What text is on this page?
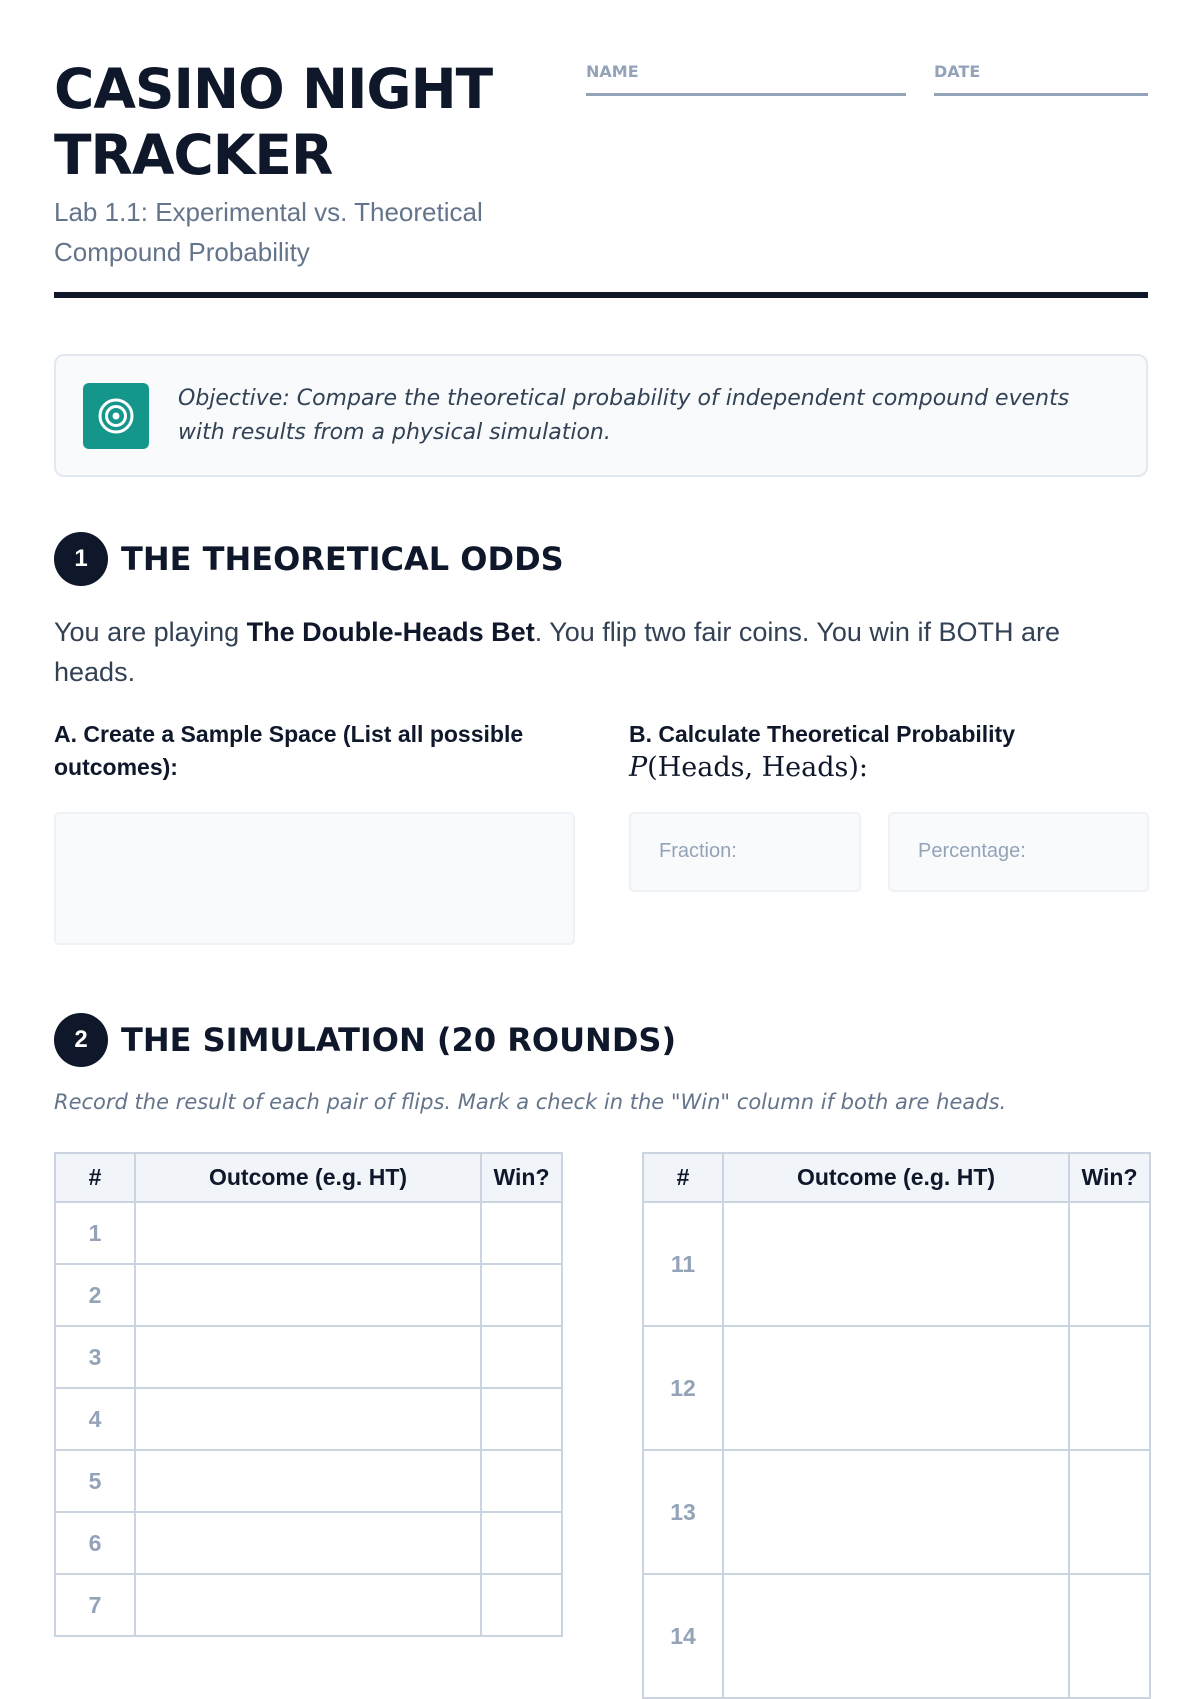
CASINO NIGHT TRACKER
Lab 1.1: Experimental vs. Theoretical Compound Probability
NAME	DATE
Objective: Compare the theoretical probability of independent compound events with results from a physical simulation.
1	THE THEORETICAL ODDS
You are playing The Double-Heads Bet. You flip two fair coins. You win if BOTH are heads.
A. Create a Sample Space (List all possible outcomes):
B. Calculate Theoretical Probability
P(Heads, Heads):
Fraction:	Percentage:
2	THE SIMULATION (20 ROUNDS)
Record the result of each pair of flips. Mark a check in the "Win" column if both are heads.
#	Outcome (e.g. HT)	Win?
1		
2		
3		
4		
5		
6		
7		
#	Outcome (e.g. HT)	Win?
11		
12		
13		
14		
